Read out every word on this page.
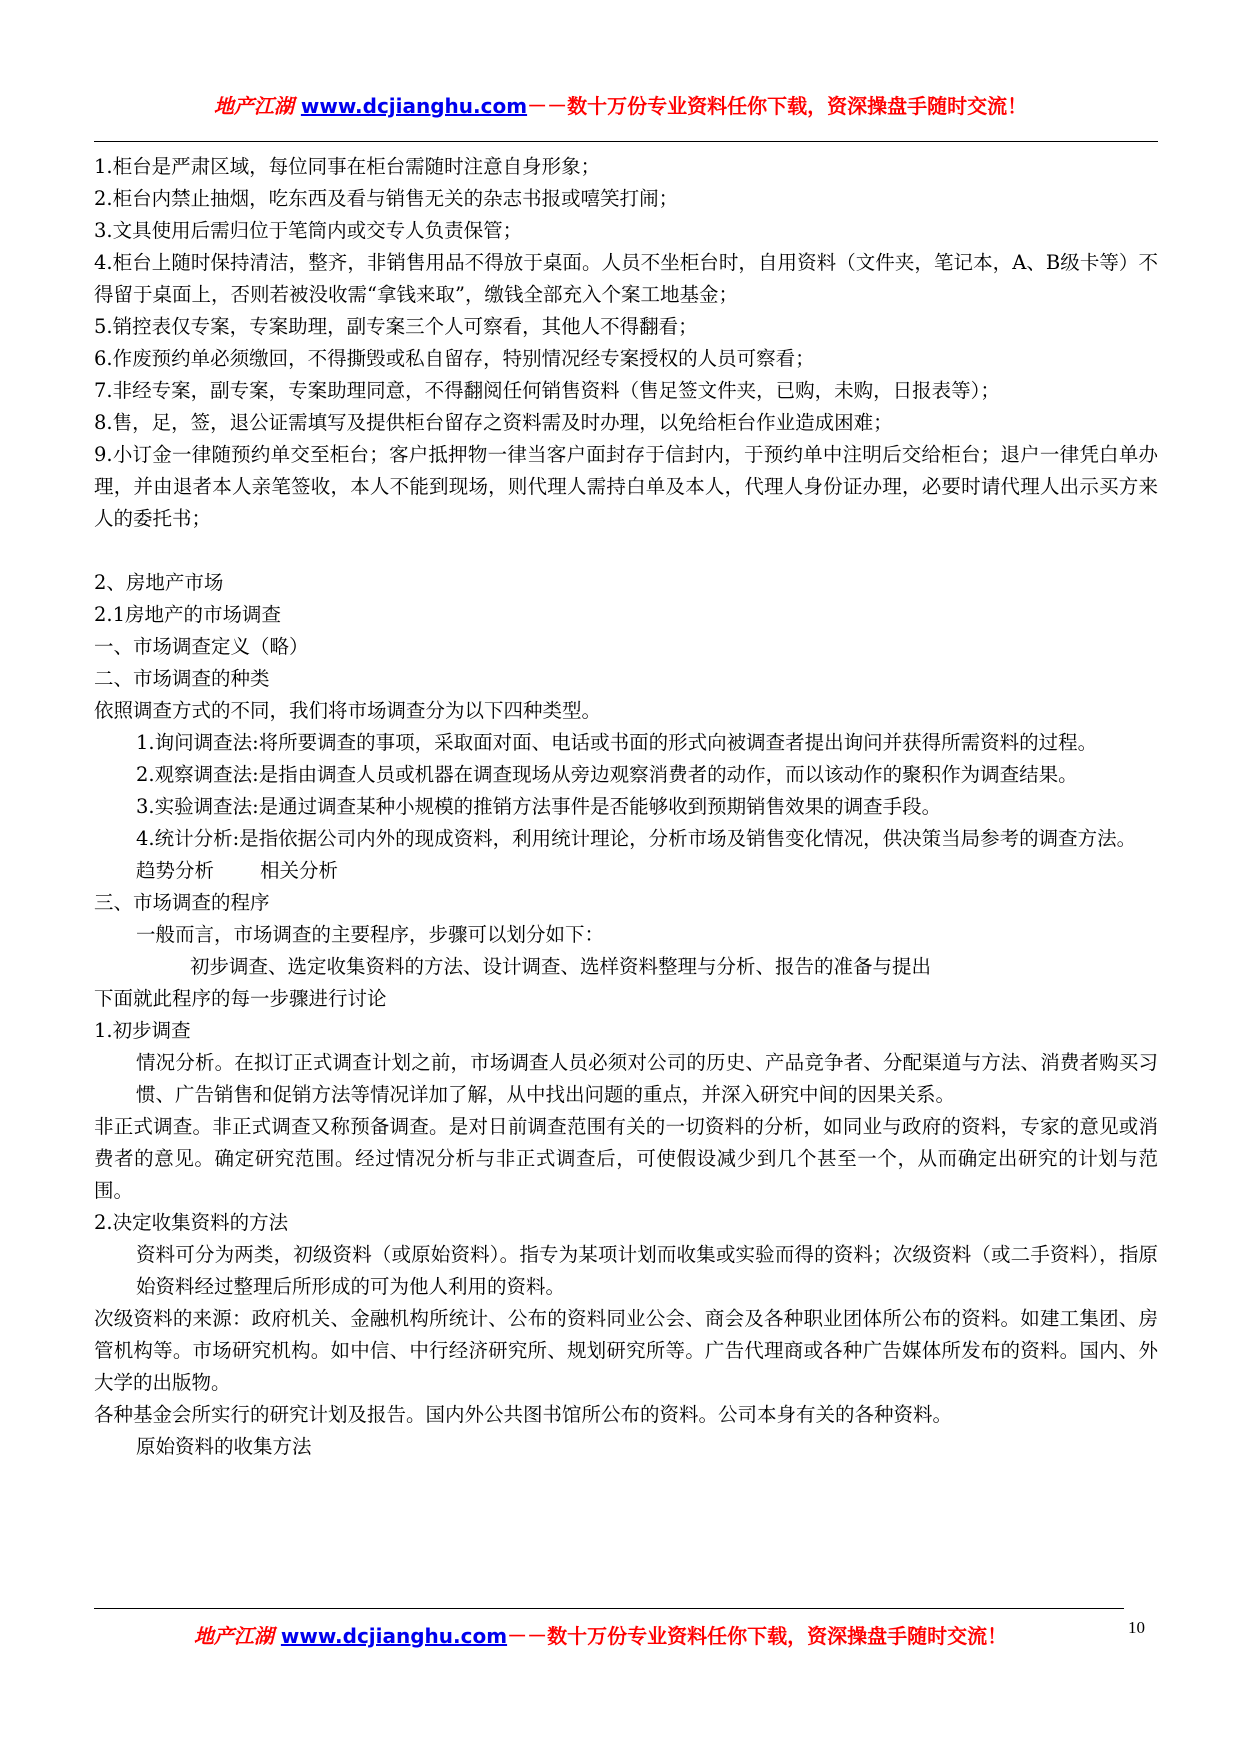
地产江湖 www.dcjianghu.com－－数十万份专业资料任你下载，资深操盘手随时交流！

1.柜台是严肃区域，每位同事在柜台需随时注意自身形象；

2.柜台内禁止抽烟，吃东西及看与销售无关的杂志书报或嘻笑打闹；

3.文具使用后需归位于笔筒内或交专人负责保管；

4.柜台上随时保持清洁，整齐，非销售用品不得放于桌面。人员不坐柜台时，自用资料（文件夹，笔记本，A、B级卡等）不得留于桌面上，否则若被没收需“拿钱来取”，缴钱全部充入个案工地基金；

5.销控表仅专案，专案助理，副专案三个人可察看，其他人不得翻看；

6.作废预约单必须缴回，不得撕毁或私自留存，特别情况经专案授权的人员可察看；

7.非经专案，副专案，专案助理同意，不得翻阅任何销售资料（售足签文件夹，已购，未购，日报表等）；

8.售，足，签，退公证需填写及提供柜台留存之资料需及时办理，以免给柜台作业造成困难；

9.小订金一律随预约单交至柜台；客户抵押物一律当客户面封存于信封内，于预约单中注明后交给柜台；退户一律凭白单办理，并由退者本人亲笔签收，本人不能到现场，则代理人需持白单及本人，代理人身份证办理，必要时请代理人出示买方来人的委托书；

2、房地产市场

2.1房地产的市场调查

一、市场调查定义（略）

二、市场调查的种类

依照调查方式的不同，我们将市场调查分为以下四种类型。

1.询问调查法:将所要调查的事项，采取面对面、电话或书面的形式向被调查者提出询问并获得所需资料的过程。

2.观察调查法:是指由调查人员或机器在调查现场从旁边观察消费者的动作，而以该动作的聚积作为调查结果。

3.实验调查法:是通过调查某种小规模的推销方法事件是否能够收到预期销售效果的调查手段。

4.统计分析:是指依据公司内外的现成资料，利用统计理论，分析市场及销售变化情况，供决策当局参考的调查方法。

趋势分析 相关分析

三、市场调查的程序

一般而言，市场调查的主要程序，步骤可以划分如下：

初步调查、选定收集资料的方法、设计调查、选样资料整理与分析、报告的准备与提出

下面就此程序的每一步骤进行讨论

1.初步调查

情况分析。在拟订正式调查计划之前，市场调查人员必须对公司的历史、产品竞争者、分配渠道与方法、消费者购买习惯、广告销售和促销方法等情况详加了解，从中找出问题的重点，并深入研究中间的因果关系。

非正式调查。非正式调查又称预备调查。是对日前调查范围有关的一切资料的分析，如同业与政府的资料，专家的意见或消费者的意见。确定研究范围。经过情况分析与非正式调查后，可使假设减少到几个甚至一个，从而确定出研究的计划与范围。

2.决定收集资料的方法

资料可分为两类，初级资料（或原始资料）。指专为某项计划而收集或实验而得的资料；次级资料（或二手资料），指原始资料经过整理后所形成的可为他人利用的资料。

次级资料的来源：政府机关、金融机构所统计、公布的资料同业公会、商会及各种职业团体所公布的资料。如建工集团、房管机构等。市场研究机构。如中信、中行经济研究所、规划研究所等。广告代理商或各种广告媒体所发布的资料。国内、外大学的出版物。

各种基金会所实行的研究计划及报告。国内外公共图书馆所公布的资料。公司本身有关的各种资料。

原始资料的收集方法

地产江湖 www.dcjianghu.com－－数十万份专业资料任你下载，资深操盘手随时交流！	10
